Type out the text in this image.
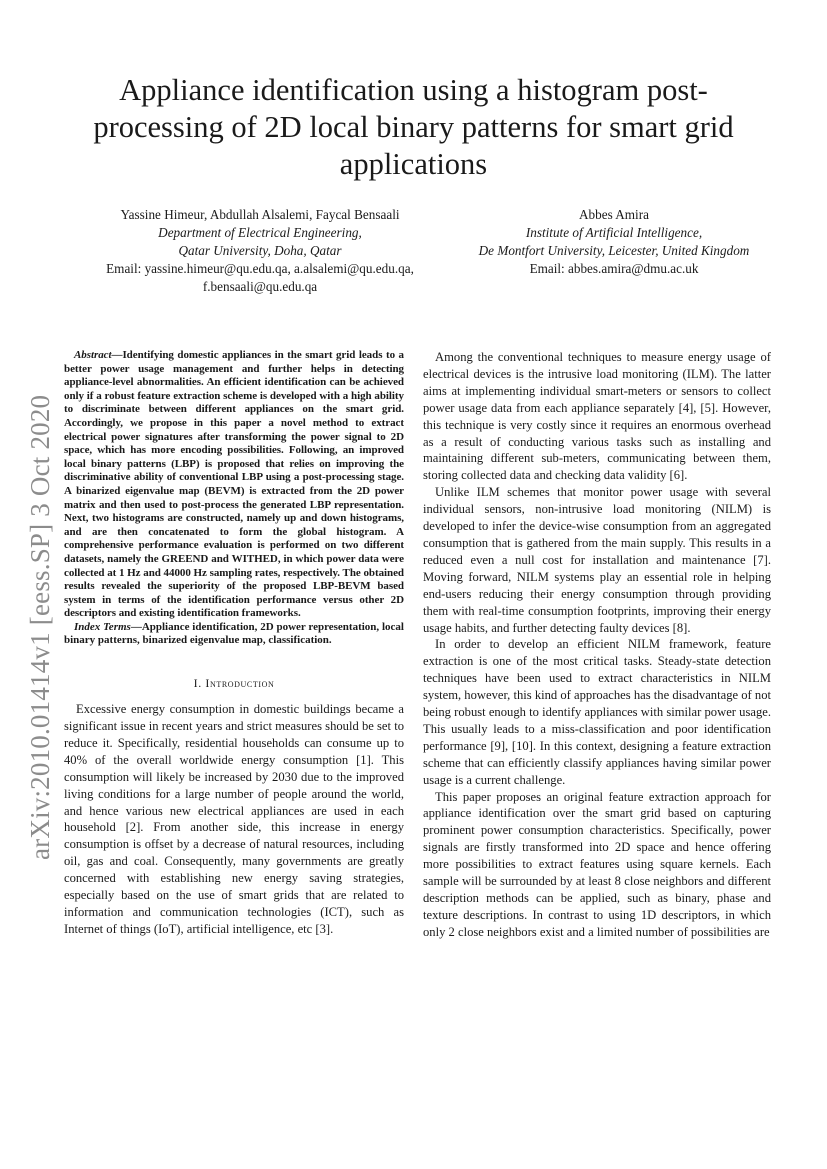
arXiv:2010.01414v1 [eess.SP] 3 Oct 2020
Appliance identification using a histogram post-processing of 2D local binary patterns for smart grid applications
Yassine Himeur, Abdullah Alsalemi, Faycal Bensaali
Department of Electrical Engineering,
Qatar University, Doha, Qatar
Email: yassine.himeur@qu.edu.qa, a.alsalemi@qu.edu.qa,
f.bensaali@qu.edu.qa
Abbes Amira
Institute of Artificial Intelligence,
De Montfort University, Leicester, United Kingdom
Email: abbes.amira@dmu.ac.uk

Abstract—Identifying domestic appliances in the smart grid leads to a better power usage management and further helps in detecting appliance-level abnormalities. An efficient identification can be achieved only if a robust feature extraction scheme is developed with a high ability to discriminate between different appliances on the smart grid. Accordingly, we propose in this paper a novel method to extract electrical power signatures after transforming the power signal to 2D space, which has more encoding possibilities. Following, an improved local binary patterns (LBP) is proposed that relies on improving the discriminative ability of conventional LBP using a post-processing stage. A binarized eigenvalue map (BEVM) is extracted from the 2D power matrix and then used to post-process the generated LBP representation. Next, two histograms are constructed, namely up and down histograms, and are then concatenated to form the global histogram. A comprehensive performance evaluation is performed on two different datasets, namely the GREEND and WITHED, in which power data were collected at 1 Hz and 44000 Hz sampling rates, respectively. The obtained results revealed the superiority of the proposed LBP-BEVM based system in terms of the identification performance versus other 2D descriptors and existing identification frameworks.

Index Terms—Appliance identification, 2D power representation, local binary patterns, binarized eigenvalue map, classification.

I. Introduction

Excessive energy consumption in domestic buildings became a significant issue in recent years and strict measures should be set to reduce it. Specifically, residential households can consume up to 40% of the overall worldwide energy consumption [1]. This consumption will likely be increased by 2030 due to the improved living conditions for a large number of people around the world, and hence various new electrical appliances are used in each household [2]. From another side, this increase in energy consumption is offset by a decrease of natural resources, including oil, gas and coal. Consequently, many governments are greatly concerned with establishing new energy saving strategies, especially based on the use of smart grids that are related to information and communication technologies (ICT), such as Internet of things (IoT), artificial intelligence, etc [3].

Among the conventional techniques to measure energy usage of electrical devices is the intrusive load monitoring (ILM). The latter aims at implementing individual smart-meters or sensors to collect power usage data from each appliance separately [4], [5]. However, this technique is very costly since it requires an enormous overhead as a result of conducting various tasks such as installing and maintaining different sub-meters, communicating between them, storing collected data and checking data validity [6].

Unlike ILM schemes that monitor power usage with several individual sensors, non-intrusive load monitoring (NILM) is developed to infer the device-wise consumption from an aggregated consumption that is gathered from the main supply. This results in a reduced even a null cost for installation and maintenance [7]. Moving forward, NILM systems play an essential role in helping end-users reducing their energy consumption through providing them with real-time consumption footprints, improving their energy usage habits, and further detecting faulty devices [8].

In order to develop an efficient NILM framework, feature extraction is one of the most critical tasks. Steady-state detection techniques have been used to extract characteristics in NILM system, however, this kind of approaches has the disadvantage of not being robust enough to identify appliances with similar power usage. This usually leads to a miss-classification and poor identification performance [9], [10]. In this context, designing a feature extraction scheme that can efficiently classify appliances having similar power usage is a current challenge.

This paper proposes an original feature extraction approach for appliance identification over the smart grid based on capturing prominent power consumption characteristics. Specifically, power signals are firstly transformed into 2D space and hence offering more possibilities to extract features using square kernels. Each sample will be surrounded by at least 8 close neighbors and different description methods can be applied, such as binary, phase and texture descriptions. In contrast to using 1D descriptors, in which only 2 close neighbors exist and a limited number of possibilities are
